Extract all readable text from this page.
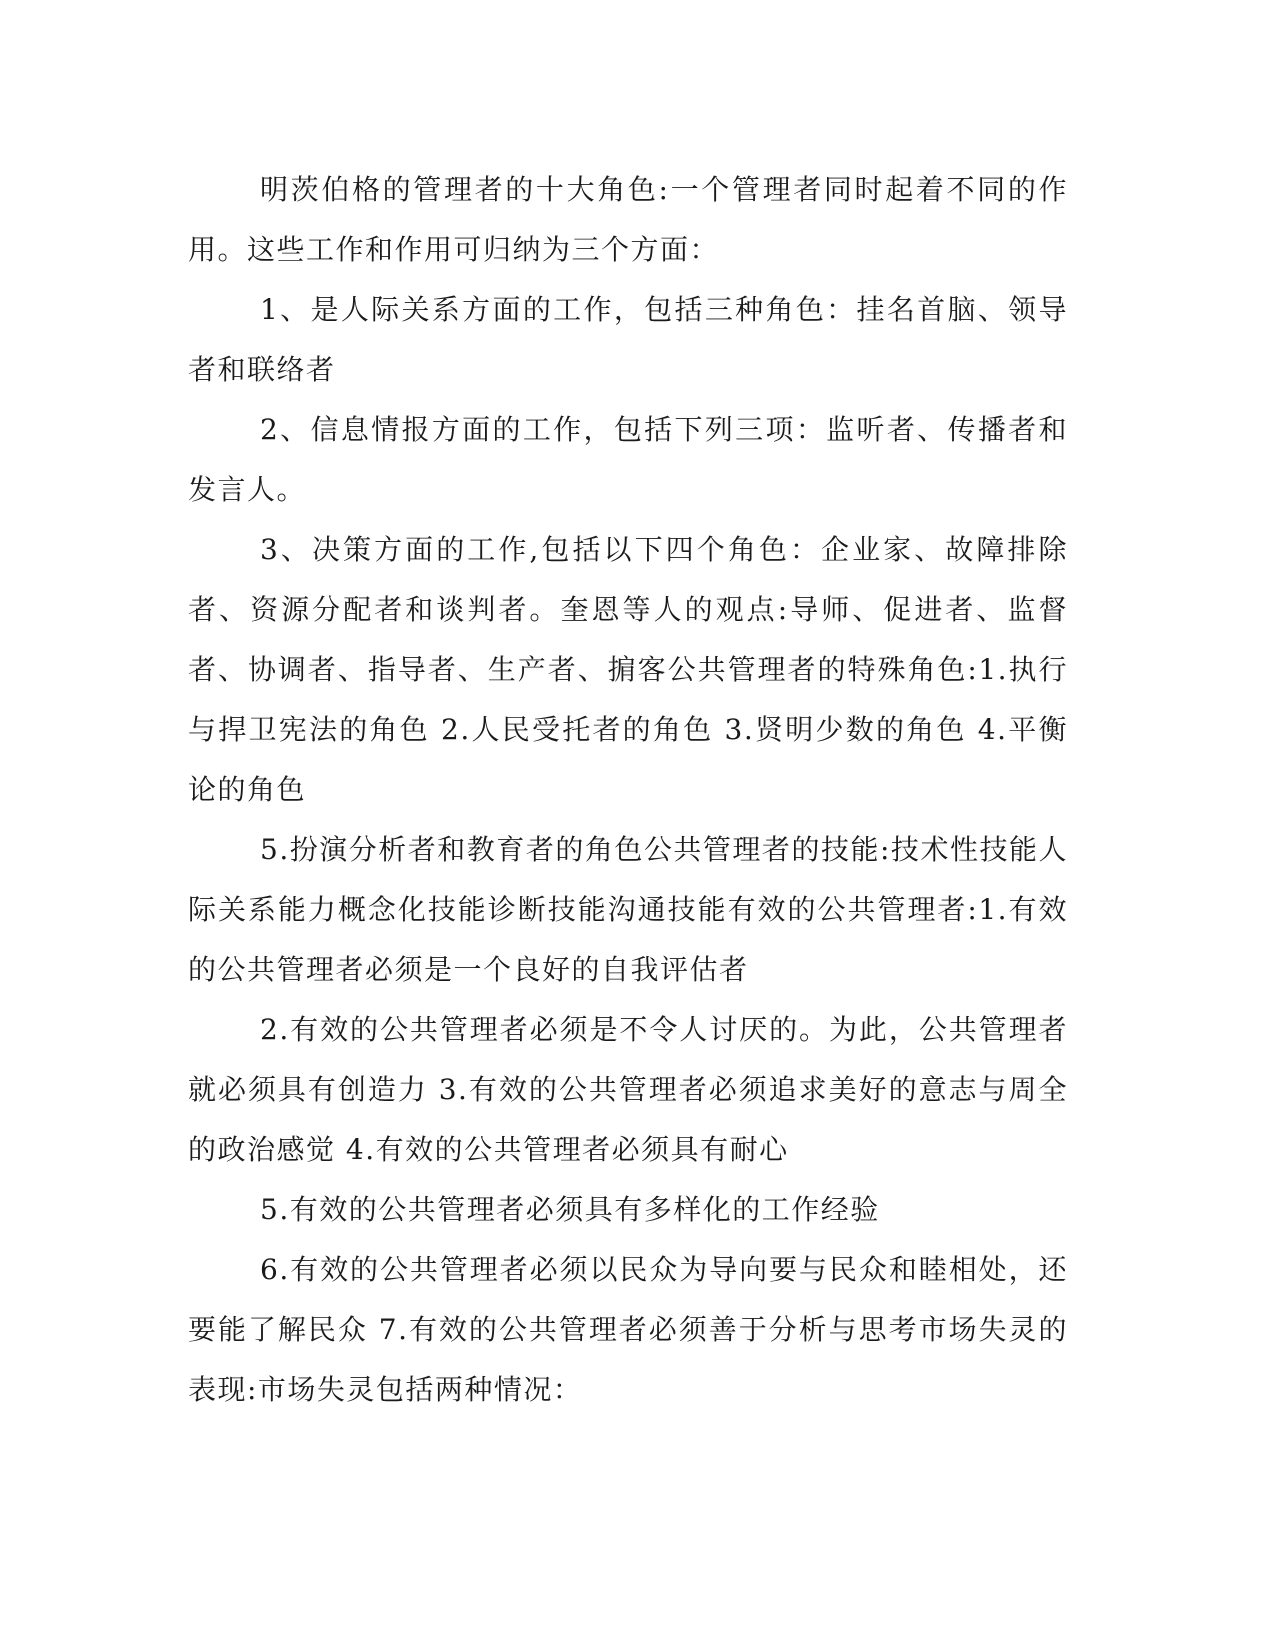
明茨伯格的管理者的十大角色:一个管理者同时起着不同的作用。这些工作和作用可归纳为三个方面：

1、是人际关系方面的工作，包括三种角色：挂名首脑、领导者和联络者

2、信息情报方面的工作，包括下列三项：监听者、传播者和发言人。

3、决策方面的工作,包括以下四个角色：企业家、故障排除者、资源分配者和谈判者。奎恩等人的观点:导师、促进者、监督者、协调者、指导者、生产者、掮客公共管理者的特殊角色:1.执行与捍卫宪法的角色 2.人民受托者的角色 3.贤明少数的角色 4.平衡论的角色

5.扮演分析者和教育者的角色公共管理者的技能:技术性技能人际关系能力概念化技能诊断技能沟通技能有效的公共管理者:1.有效的公共管理者必须是一个良好的自我评估者

2.有效的公共管理者必须是不令人讨厌的。为此，公共管理者就必须具有创造力 3.有效的公共管理者必须追求美好的意志与周全的政治感觉 4.有效的公共管理者必须具有耐心

5.有效的公共管理者必须具有多样化的工作经验

6.有效的公共管理者必须以民众为导向要与民众和睦相处，还要能了解民众 7.有效的公共管理者必须善于分析与思考市场失灵的表现:市场失灵包括两种情况：
